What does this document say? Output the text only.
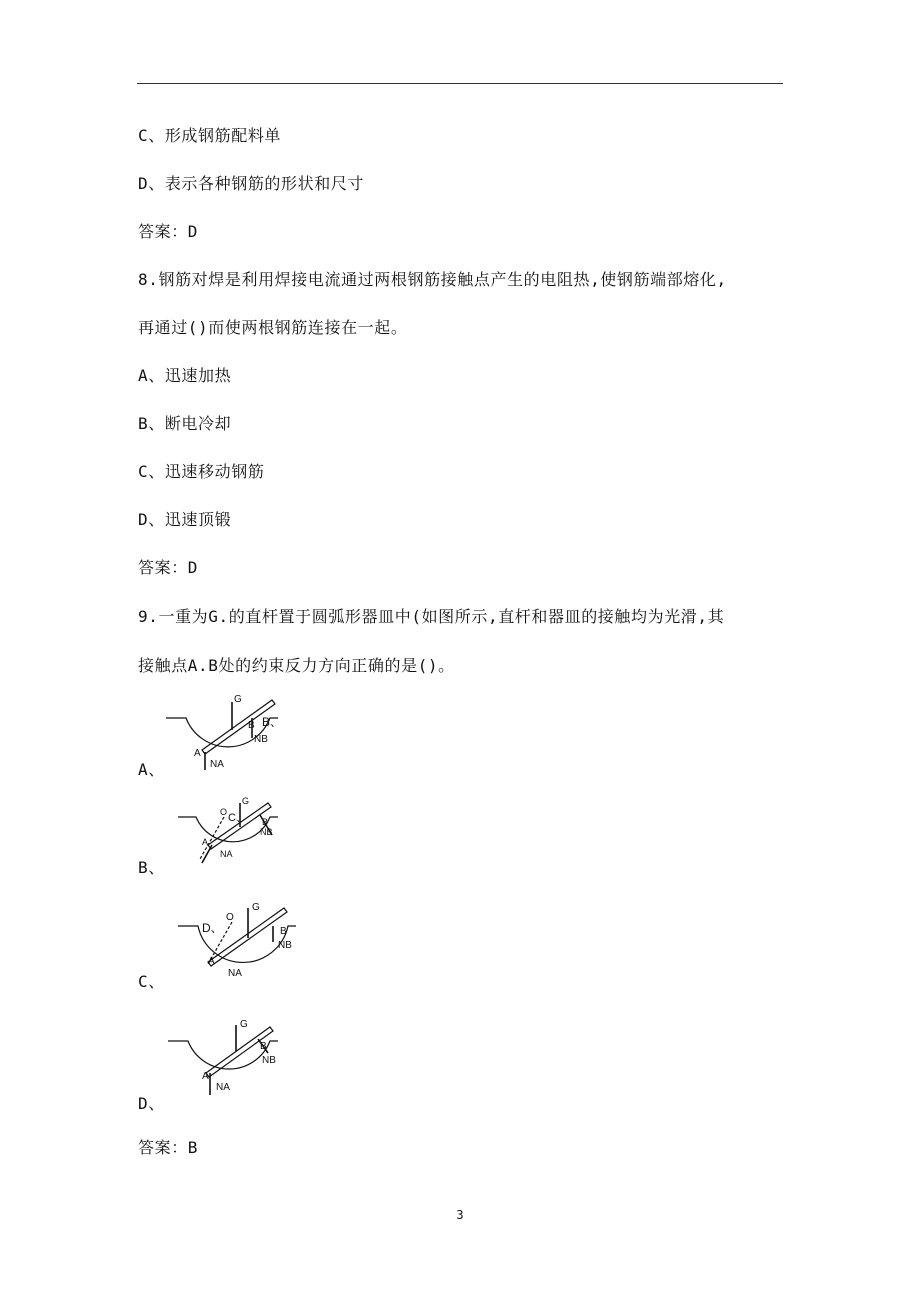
C、形成钢筋配料单
D、表示各种钢筋的形状和尺寸
答案：D
8.钢筋对焊是利用焊接电流通过两根钢筋接触点产生的电阻热,使钢筋端部熔化,
再通过()而使两根钢筋连接在一起。
A、迅速加热
B、断电冷却
C、迅速移动钢筋
D、迅速顶锻
答案：D
9.一重为G.的直杆置于圆弧形器皿中(如图所示,直杆和器皿的接触均为光滑,其
接触点A.B处的约束反力方向正确的是()。
G
A
NA
B
NB
B、
A、
O
G
C、
A
NA
B
NB
B、
O
G
D、
A
NA
B
NB
C、
G
A
NA
B
NB
D、
答案：B
3
